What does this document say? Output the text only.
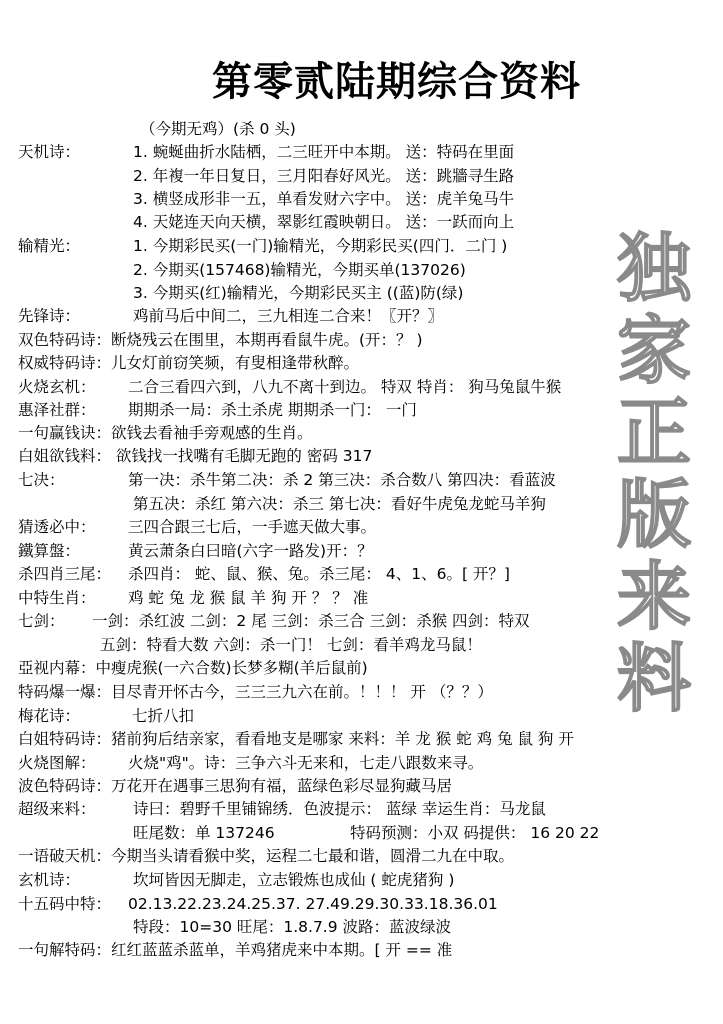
第零贰陆期综合资料
独
家
正
版
来
料
（今期无鸡）(杀 0 头)
天机诗：	1. 蜿蜒曲折水陆栖，二三旺开中本期。 送：特码在里面
2. 年複一年日复日，三月阳春好风光。 送：跳牆寻生路
3. 横竖成形非一五，单看发财六字中。 送：虎羊兔马牛
4. 天姥连天向天横，翠影红霞映朝日。 送：一跃而向上
输精光：	1. 今期彩民买(一门)输精光，今期彩民买(四门．二门 )
2. 今期买(157468)输精光，今期买单(137026)
3. 今期买(红)输精光，今期彩民买主 ((蓝)防(绿)
先锋诗：	鸡前马后中间二，三九相连二合来！〖开？〗
双色特码诗：断烧残云在围里，本期再看鼠牛虎。(开：？ )
权威特码诗：儿女灯前窃笑频，有叟相逢带秋醉。
火烧玄机： 二合三看四六到，八九不离十到边。 特双 特肖： 狗马兔鼠牛猴
惠泽社群： 期期杀一局：杀土杀虎 期期杀一门： 一门
一句赢钱诀：欲钱去看袖手旁观感的生肖。
白姐欲钱料： 欲钱找一找嘴有毛脚无跑的 密码 317
七决：	第一决：杀牛第二决：杀 2 第三决：杀合数八 第四决：看蓝波
第五决：杀红 第六决：杀三 第七决：看好牛虎兔龙蛇马羊狗
猜透必中： 三四合跟三七后，一手遮天做大事。
鐵算盤：	黄云萧条白曰暗(六字一路发)开：？
杀四肖三尾： 杀四肖： 蛇、鼠、猴、兔。杀三尾： 4、1、6。[ 开？]
中特生肖： 鸡 蛇 兔 龙 猴 鼠 羊 狗 开 ？ ？ 准
七剑： 一剑：杀红波 二剑：2 尾 三剑：杀三合 三剑：杀猴 四剑：特双
五剑：特看大数 六剑：杀一门！ 七剑：看羊鸡龙马鼠！
亞视内幕：中瘦虎猴(一六合数)长梦多糊(羊后鼠前)
特码爆一爆：目尽青开怀古今，三三三九六在前。！！！ 开 （？？）
梅花诗：	七折八扣
白姐特码诗：猪前狗后结亲家，看看地支是哪家 来料：羊 龙 猴 蛇 鸡 兔 鼠 狗 开
火烧图解： 火烧"鸡"。诗：三争六斗无来和，七走八跟数来寻。
波色特码诗：万花开在遇事三思狗有福，蓝绿色彩尽显狗藏马居
超级来料： 诗曰：碧野千里铺锦绣．色波提示： 蓝绿 幸运生肖：马龙鼠
旺尾数：单 137246	特码预测：小双 码提供： 16 20 22
一语破天机：今期当头请看猴中奖，运程二七最和谐，圆滑二九在中取。
玄机诗：	坎坷皆因无脚走，立志锻炼也成仙 ( 蛇虎猪狗 )
十五码中特： 02.13.22.23.24.25.37. 27.49.29.30.33.18.36.01
特段：10=30 旺尾：1.8.7.9 波路：蓝波绿波
一句解特码：红红蓝蓝杀蓝单，羊鸡猪虎来中本期。[ 开 == 准
